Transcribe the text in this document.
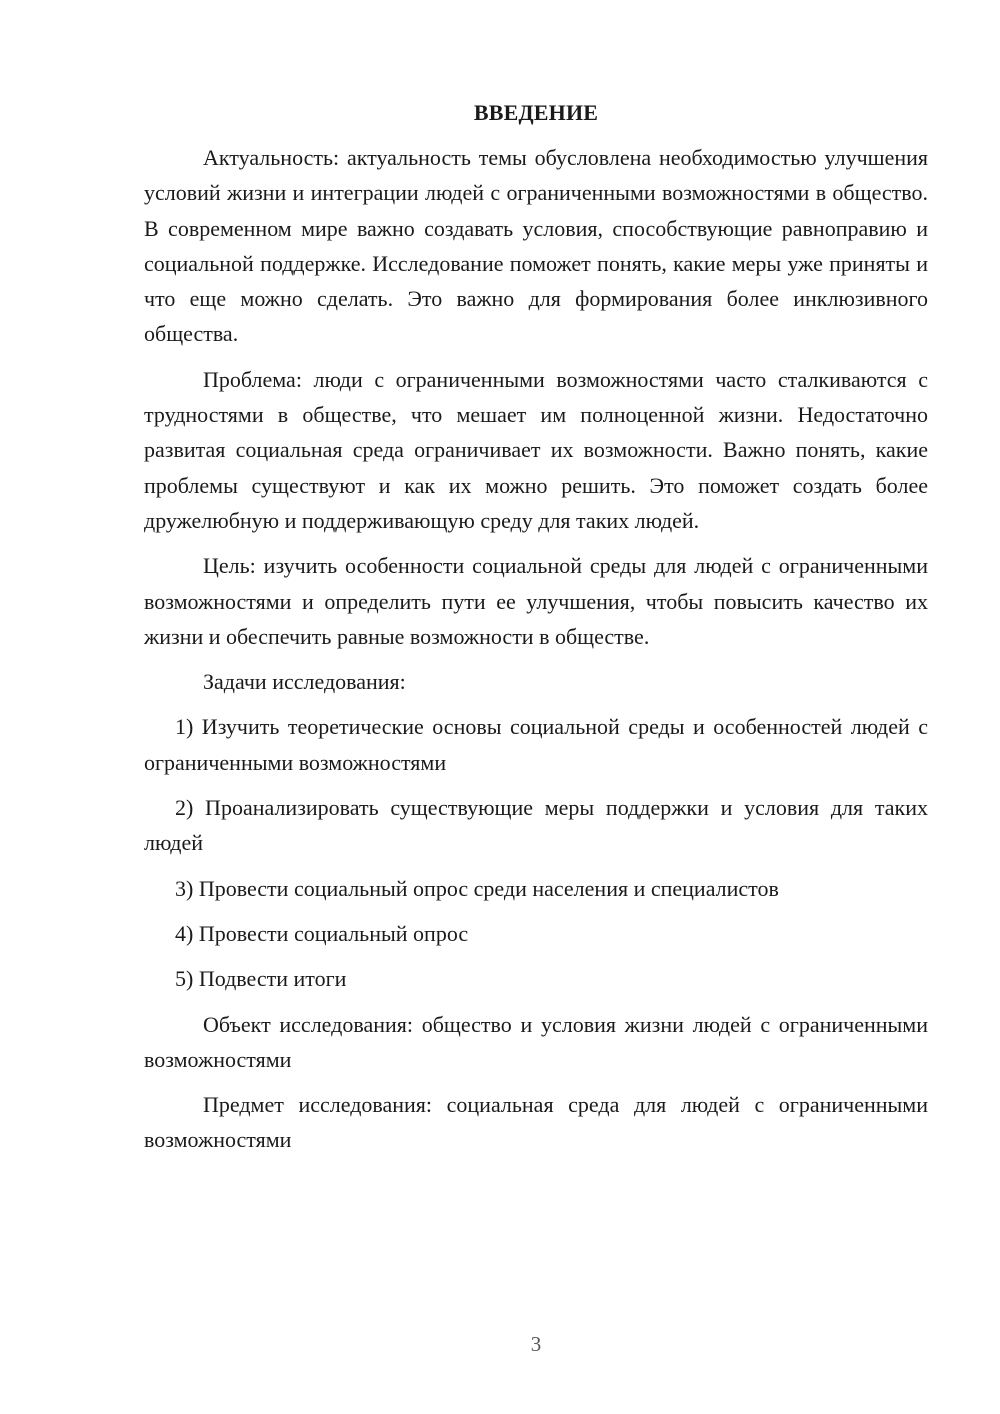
ВВЕДЕНИЕ

Актуальность: актуальность темы обусловлена необходимостью улучшения условий жизни и интеграции людей с ограниченными возможностями в общество. В современном мире важно создавать условия, способствующие равноправию и социальной поддержке. Исследование поможет понять, какие меры уже приняты и что еще можно сделать. Это важно для формирования более инклюзивного общества.

Проблема: люди с ограниченными возможностями часто сталкиваются с трудностями в обществе, что мешает им полноценной жизни. Недостаточно развитая социальная среда ограничивает их возможности. Важно понять, какие проблемы существуют и как их можно решить. Это поможет создать более дружелюбную и поддерживающую среду для таких людей.

Цель: изучить особенности социальной среды для людей с ограниченными возможностями и определить пути ее улучшения, чтобы повысить качество их жизни и обеспечить равные возможности в обществе.

Задачи исследования:

1) Изучить теоретические основы социальной среды и особенностей людей с ограниченными возможностями

2) Проанализировать существующие меры поддержки и условия для таких людей

3) Провести социальный опрос среди населения и специалистов

4) Провести социальный опрос

5) Подвести итоги

Объект исследования: общество и условия жизни людей с ограниченными возможностями

Предмет исследования: социальная среда для людей с ограниченными возможностями

3
